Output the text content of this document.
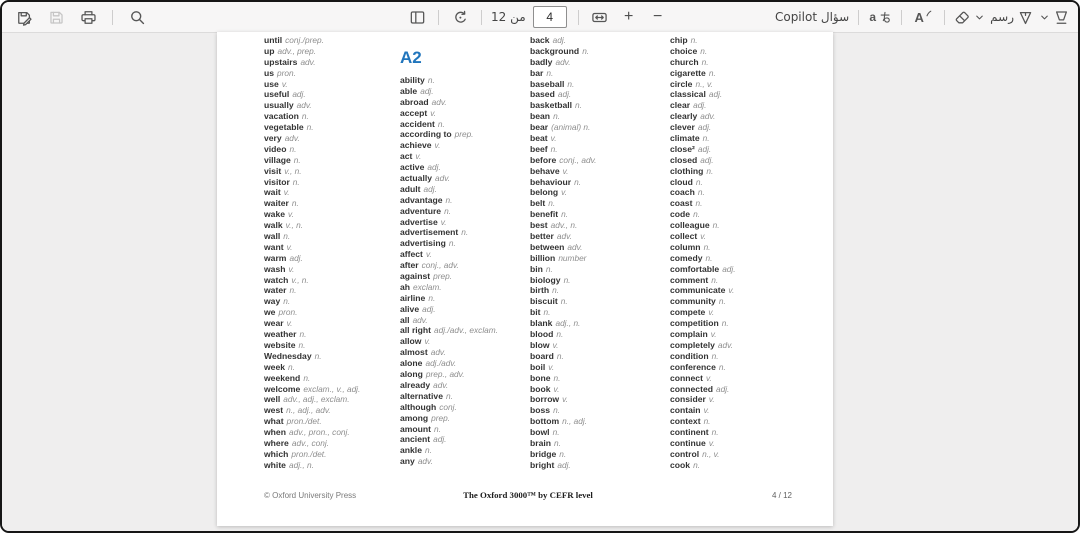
من 12
4	+ −	سؤال Copilot a	A	رسم
until conj./prep.
up adv., prep.
upstairs adv.
us pron.
use v.
useful adj.
usually adv.
vacation n.
vegetable n.
very adv.
video n.
village n.
visit v., n.
visitor n.
wait v.
waiter n.
wake v.
walk v., n.
wall n.
want v.
warm adj.
wash v.
watch v., n.
water n.
way n.
we pron.
wear v.
weather n.
website n.
Wednesday n.
week n.
weekend n.
welcome exclam., v., adj.
well adv., adj., exclam.
west n., adj., adv.
what pron./det.
when adv., pron., conj.
where adv., conj.
which pron./det.
white adj., n.
A2
ability n.
able adj.
abroad adv.
accept v.
accident n.
according to prep.
achieve v.
act v.
active adj.
actually adv.
adult adj.
advantage n.
adventure n.
advertise v.
advertisement n.
advertising n.
affect v.
after conj., adv.
against prep.
ah exclam.
airline n.
alive adj.
all adv.
all right adj./adv., exclam.
allow v.
almost adv.
alone adj./adv.
along prep., adv.
already adv.
alternative n.
although conj.
among prep.
amount n.
ancient adj.
ankle n.
any adv.
back adj.
background n.
badly adv.
bar n.
baseball n.
based adj.
basketball n.
bean n.
bear (animal) n.
beat v.
beef n.
before conj., adv.
behave v.
behaviour n.
belong v.
belt n.
benefit n.
best adv., n.
better adv.
between adv.
billion number
bin n.
biology n.
birth n.
biscuit n.
bit n.
blank adj., n.
blood n.
blow v.
board n.
boil v.
bone n.
book v.
borrow v.
boss n.
bottom n., adj.
bowl n.
brain n.
bridge n.
bright adj.
chip n.
choice n.
church n.
cigarette n.
circle n., v.
classical adj.
clear adj.
clearly adv.
clever adj.
climate n.
close² adj.
closed adj.
clothing n.
cloud n.
coach n.
coast n.
code n.
colleague n.
collect v.
column n.
comedy n.
comfortable adj.
comment n.
communicate v.
community n.
compete v.
competition n.
complain v.
completely adv.
condition n.
conference n.
connect v.
connected adj.
consider v.
contain v.
context n.
continent n.
continue v.
control n., v.
cook n.
© Oxford University Press	The Oxford 3000™ by CEFR level	4 / 12
